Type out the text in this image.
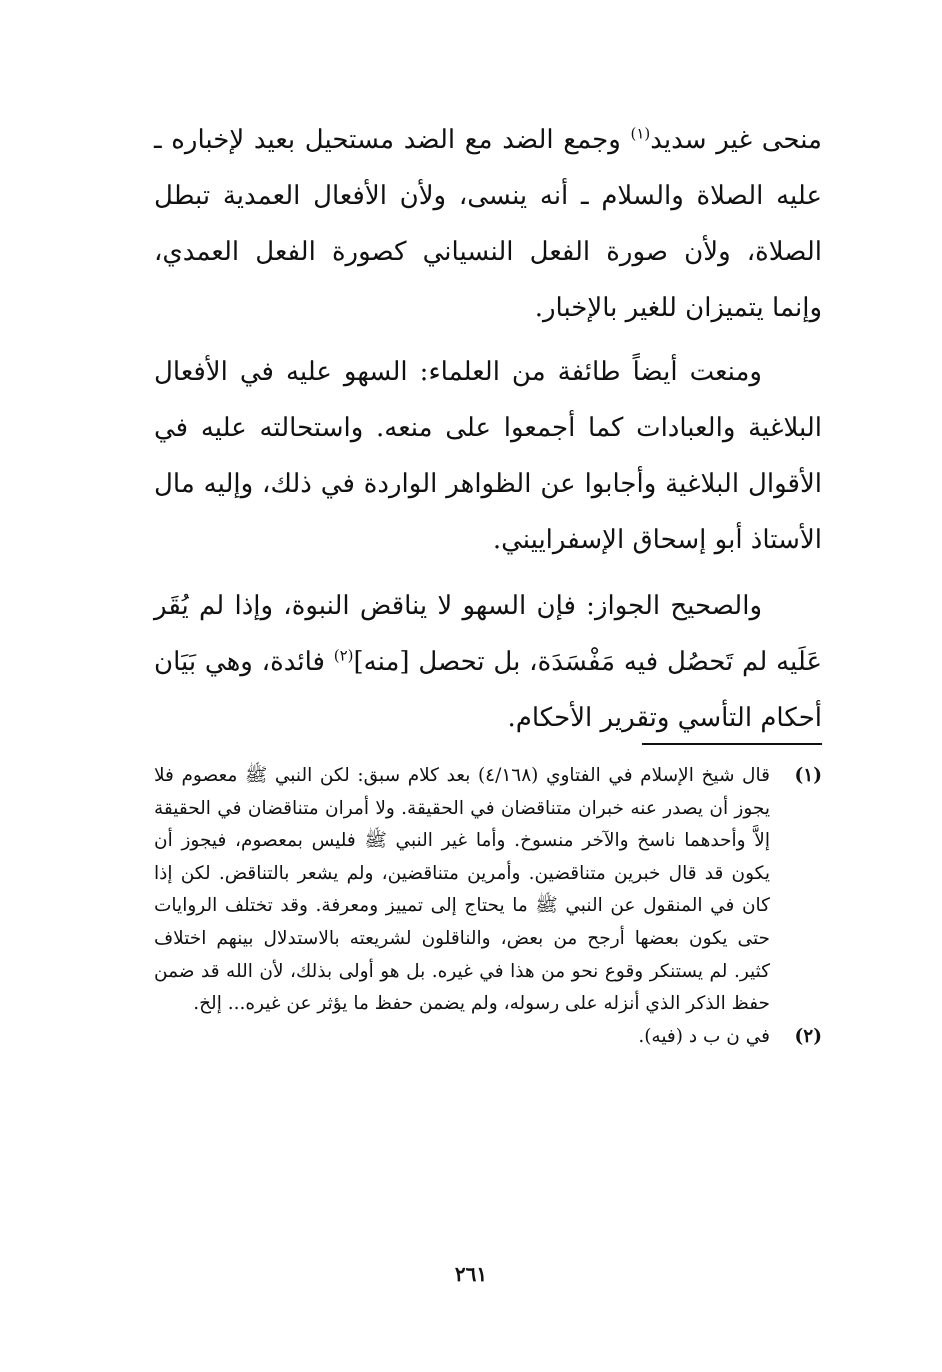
منحى غير سديد$^{(١)}$ وجمع الضد مع الضد مستحيل بعيد لإخباره ـ عليه الصلاة والسلام ـ أنه ينسى، ولأن الأفعال العمدية تبطل الصلاة، ولأن صورة الفعل النسياني كصورة الفعل العمدي، وإنما يتميزان للغير بالإخبار.

ومنعت أيضاً طائفة من العلماء: السهو عليه في الأفعال البلاغية والعبادات كما أجمعوا على منعه. واستحالته عليه في الأقوال البلاغية وأجابوا عن الظواهر الواردة في ذلك، وإليه مال الأستاذ أبو إسحاق الإسفراييني.

والصحيح الجواز: فإن السهو لا يناقض النبوة، وإذا لم يُقَر عَلَيه لم تَحصُل فيه مَفْسَدَة، بل تحصل [منه]$^{(٢)}$ فائدة، وهي بَيَان أحكام التأسي وتقرير الأحكام.

(١)
قال شيخ الإسلام في الفتاوي (٤/١٦٨) بعد كلام سبق: لكن النبي ﷺ معصوم فلا يجوز أن يصدر عنه خبران متناقضان في الحقيقة. ولا أمران متناقضان في الحقيقة إلاَّ وأحدهما ناسخ والآخر منسوخ. وأما غير النبي ﷺ فليس بمعصوم، فيجوز أن يكون قد قال خبرين متناقضين. وأمرين متناقضين، ولم يشعر بالتناقض. لكن إذا كان في المنقول عن النبي ﷺ ما يحتاج إلى تمييز ومعرفة. وقد تختلف الروايات حتى يكون بعضها أرجح من بعض، والناقلون لشريعته بالاستدلال بينهم اختلاف كثير. لم يستنكر وقوع نحو من هذا في غيره. بل هو أولى بذلك، لأن الله قد ضمن حفظ الذكر الذي أنزله على رسوله، ولم يضمن حفظ ما يؤثر عن غيره... إلخ.
(٢)
في ن ب د (فيه).
٢٦١
